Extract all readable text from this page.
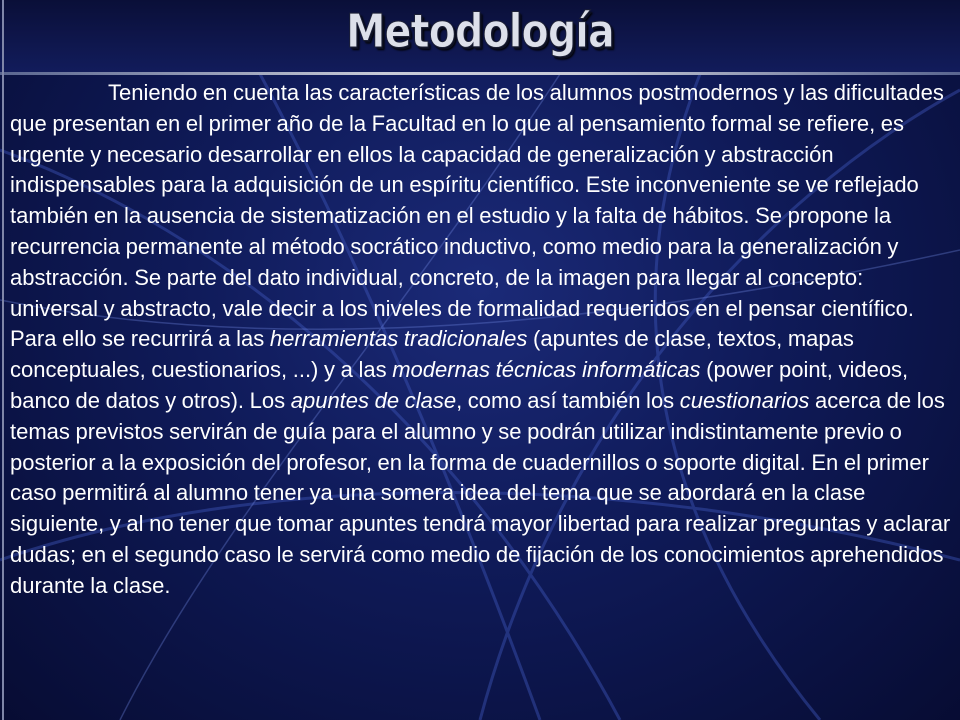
Metodología

Teniendo en cuenta las características de los alumnos postmodernos y las dificultades que presentan en el primer año de la Facultad en lo que al pensamiento formal se refiere, es urgente y necesario desarrollar en ellos la capacidad de generalización y abstracción indispensables para la adquisición de un espíritu científico. Este inconveniente se ve reflejado también en la ausencia de sistematización en el estudio y la falta de hábitos. Se propone la recurrencia permanente al método socrático inductivo, como medio para la generalización y abstracción. Se parte del dato individual, concreto, de la imagen para llegar al concepto: universal y abstracto, vale decir a los niveles de formalidad requeridos en el pensar científico. Para ello se recurrirá a las herramientas tradicionales (apuntes de clase, textos, mapas conceptuales, cuestionarios, ...) y a las modernas técnicas informáticas (power point, videos, banco de datos y otros). Los apuntes de clase, como así también los cuestionarios acerca de los temas previstos servirán de guía para el alumno y se podrán utilizar indistintamente previo o posterior a la exposición del profesor, en la forma de cuadernillos o soporte digital. En el primer caso permitirá al alumno tener ya una somera idea del tema que se abordará en la clase siguiente, y al no tener que tomar apuntes tendrá mayor libertad para realizar preguntas y aclarar dudas; en el segundo caso le servirá como medio de fijación de los conocimientos aprehendidos durante la clase.
